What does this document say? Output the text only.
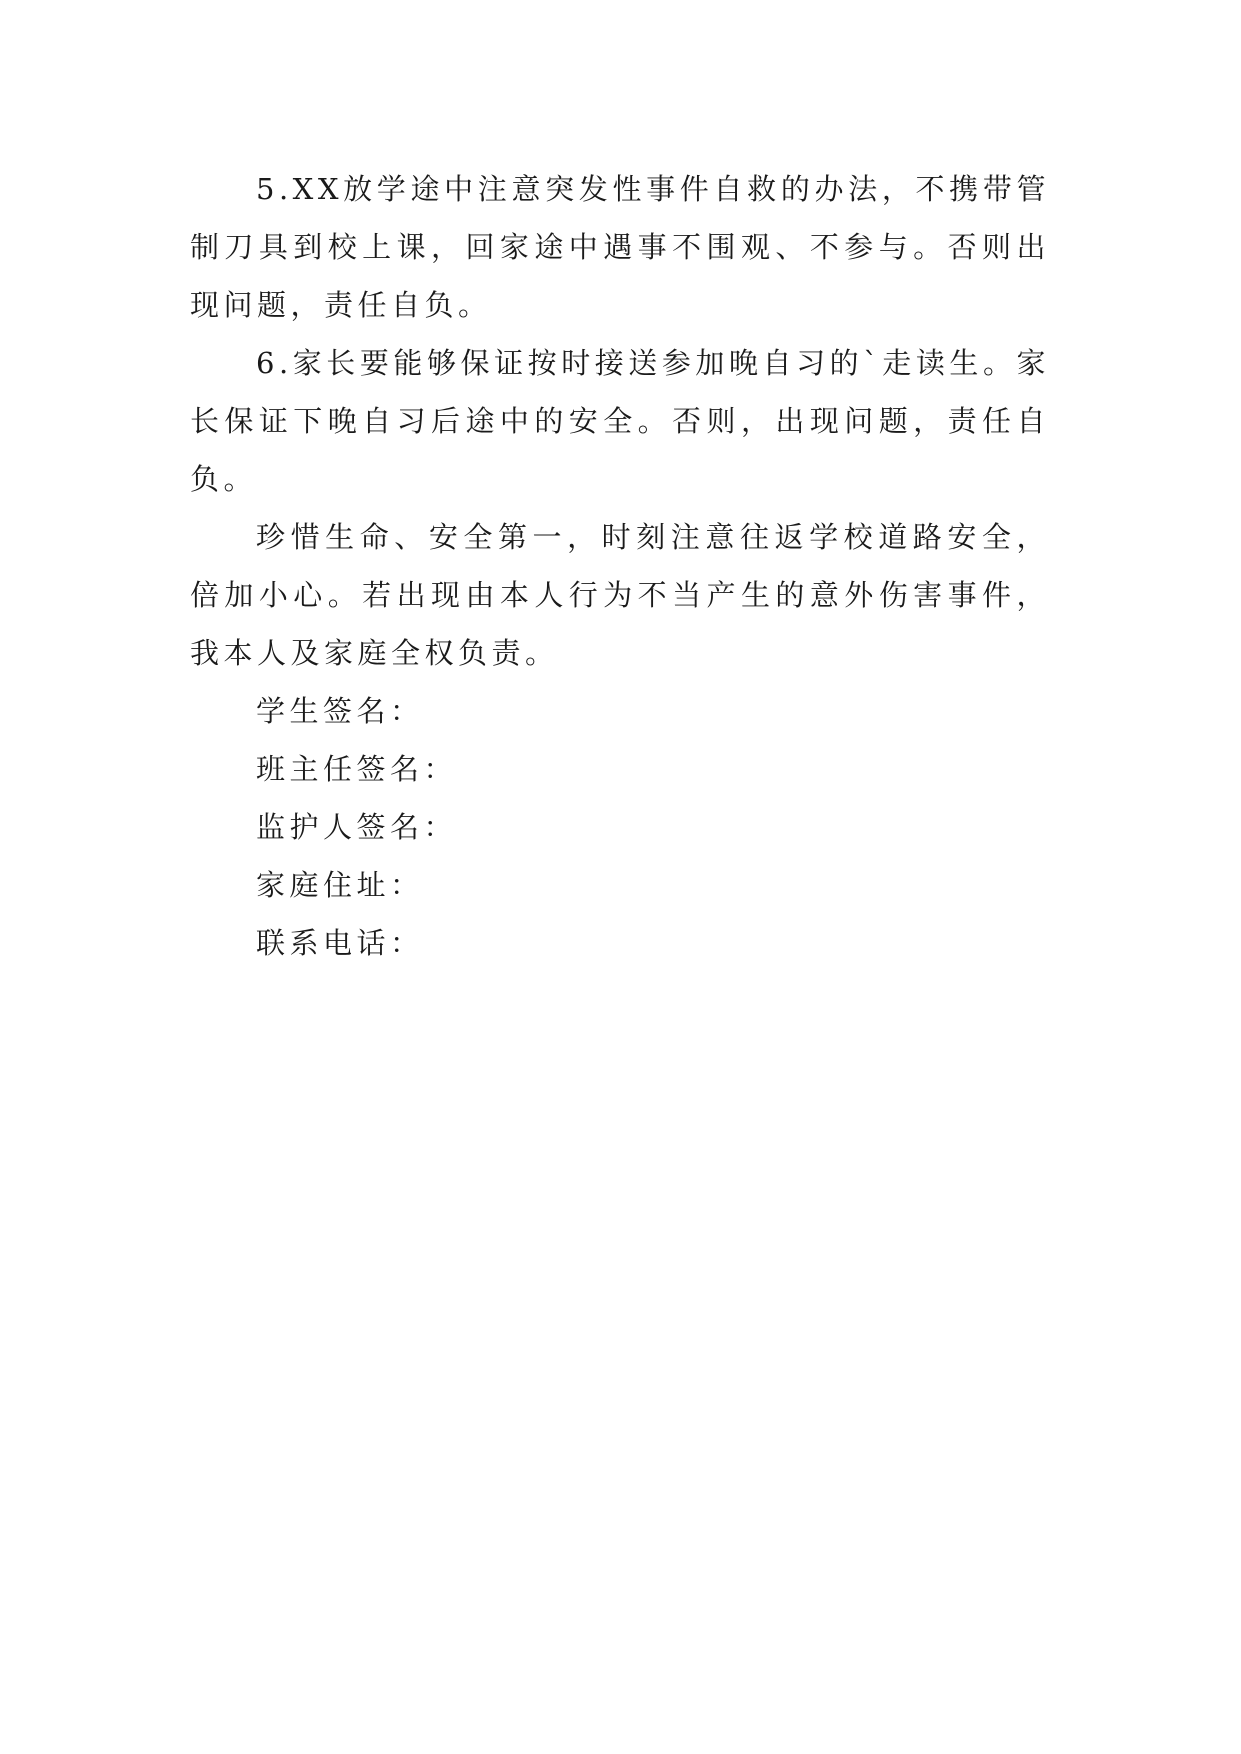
5.XX放学途中注意突发性事件自救的办法，不携带管制刀具到校上课，回家途中遇事不围观、不参与。否则出现问题，责任自负。

6.家长要能够保证按时接送参加晚自习的`走读生。家长保证下晚自习后途中的安全。否则，出现问题，责任自负。

珍惜生命、安全第一，时刻注意往返学校道路安全，倍加小心。若出现由本人行为不当产生的意外伤害事件，我本人及家庭全权负责。

学生签名：

班主任签名：

监护人签名：

家庭住址：

联系电话：
